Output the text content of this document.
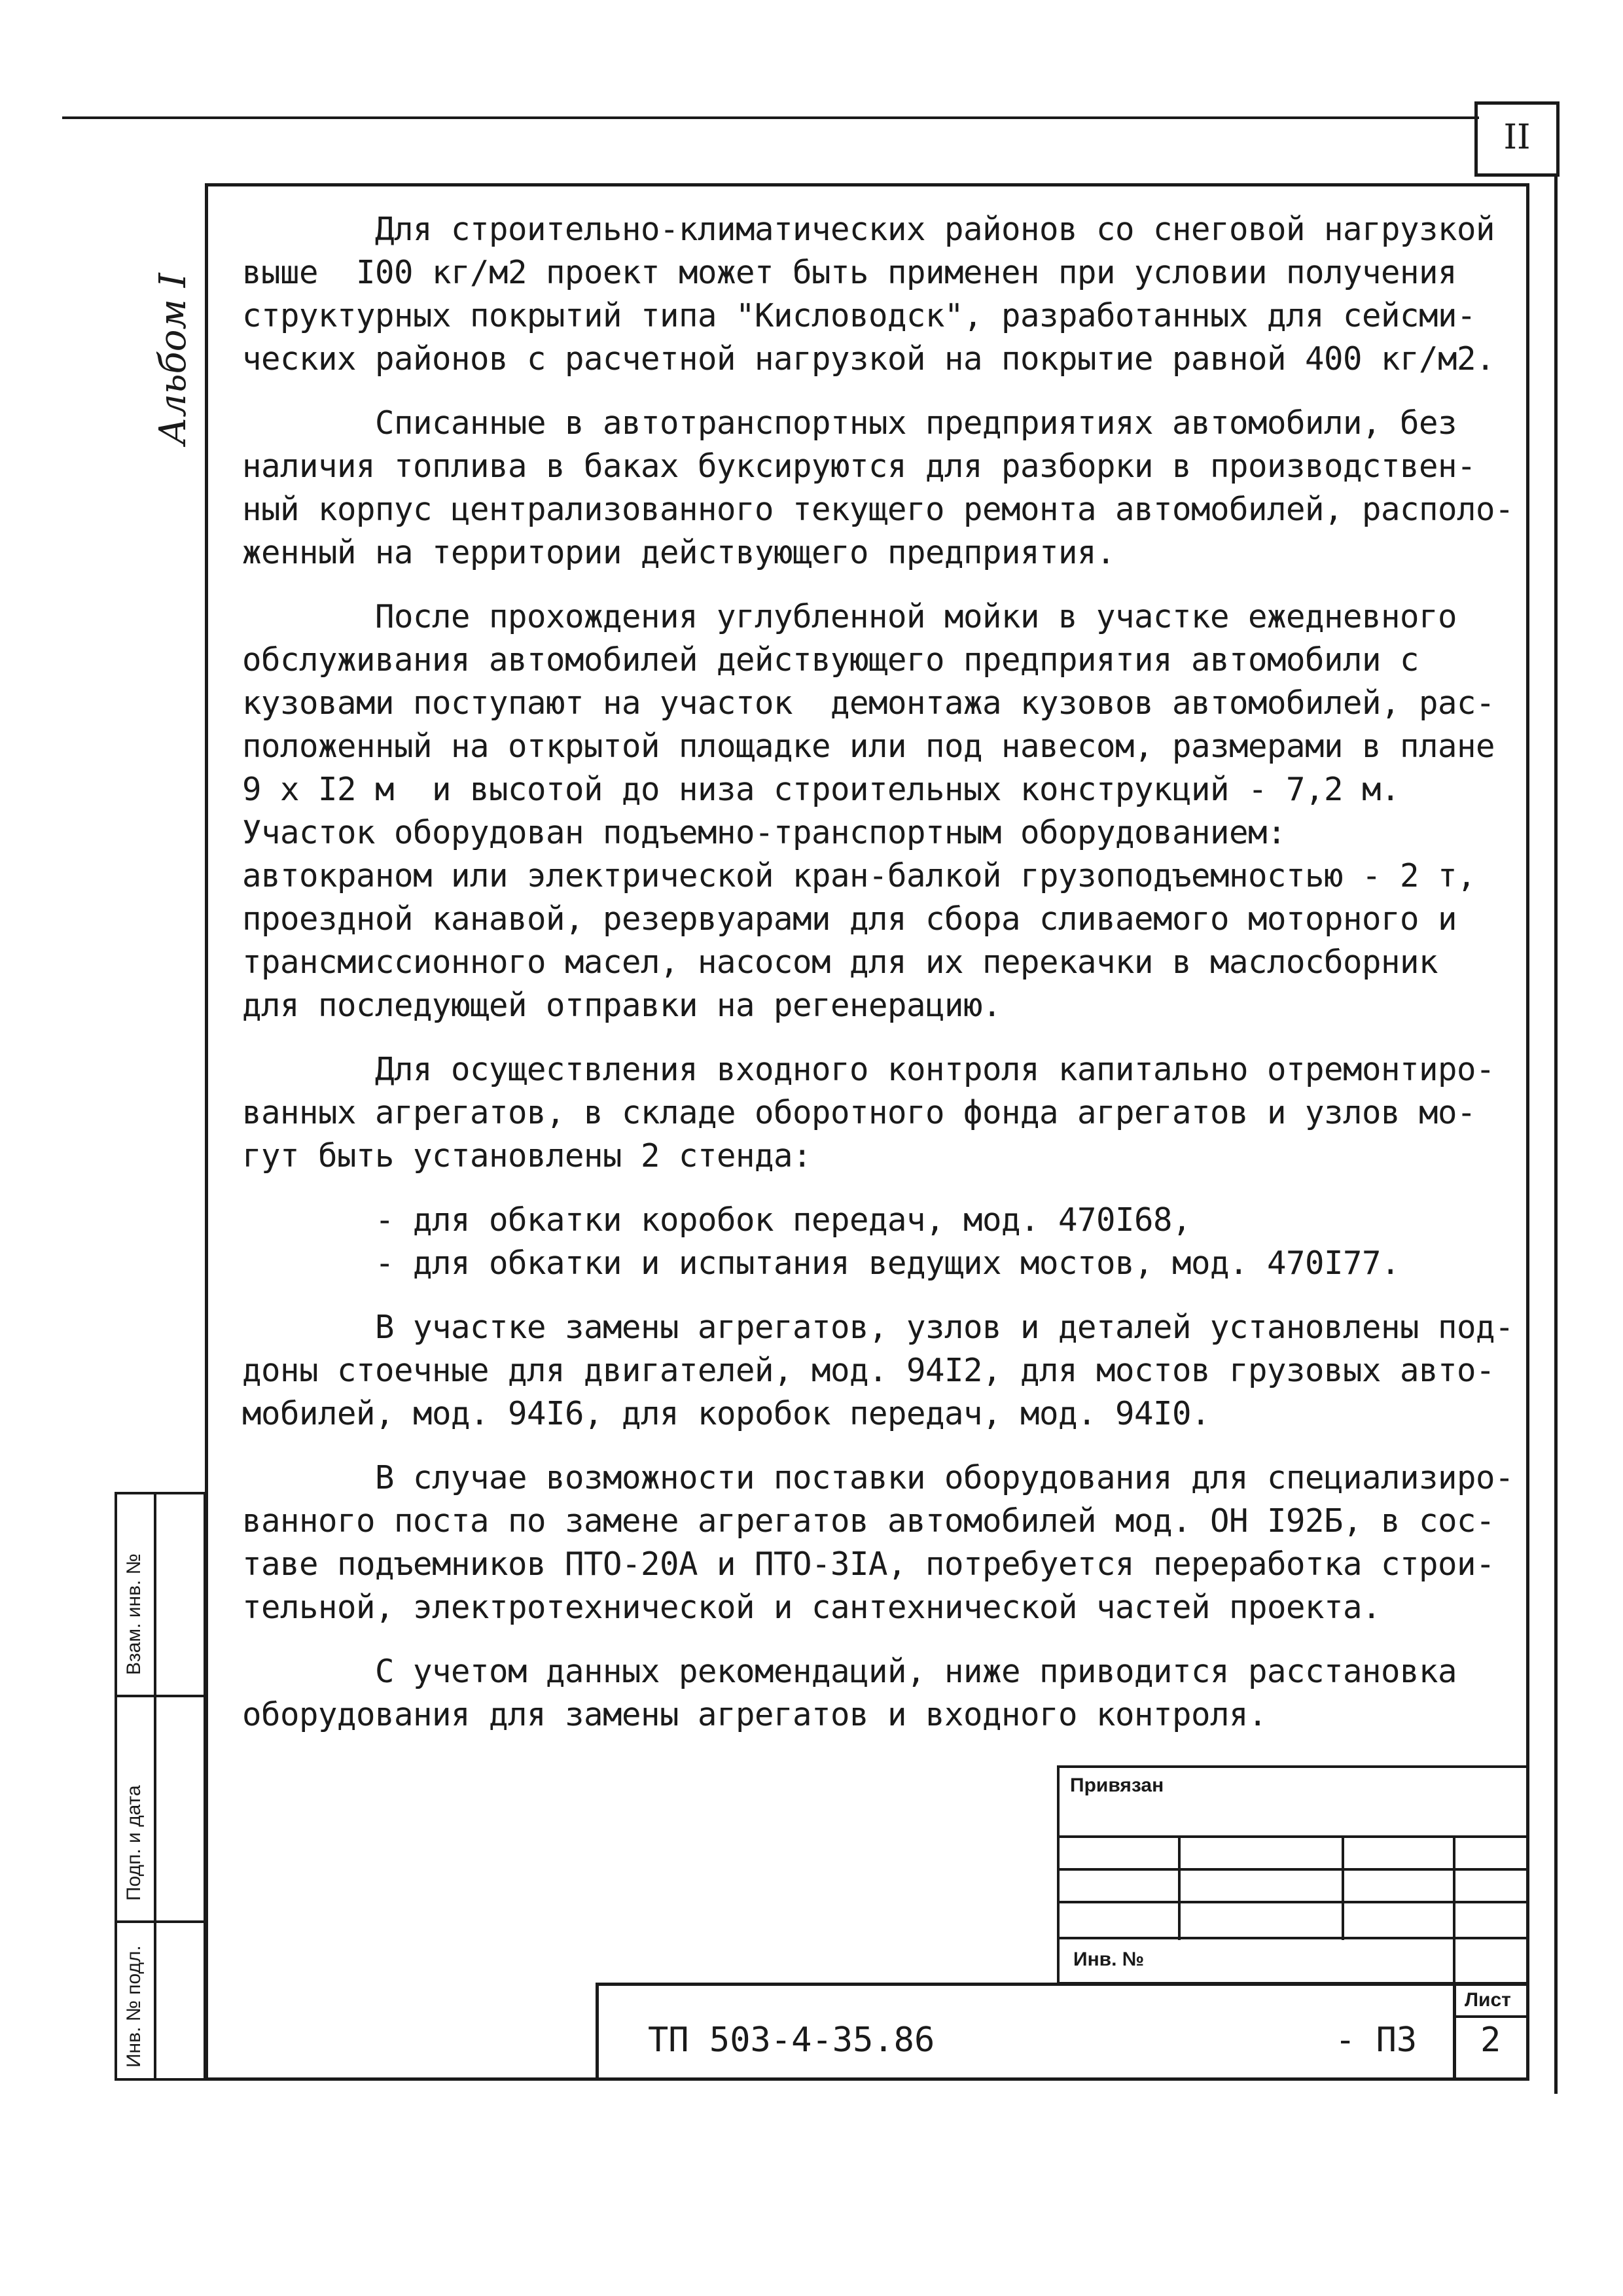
II
Альбом I
Для строительно-климатических районов со снеговой нагрузкой
выше  I00 кг/м2 проект может быть применен при условии получения
структурных покрытий типа "Кисловодск", разработанных для сейсми-
ческих районов с расчетной нагрузкой на покрытие равной 400 кг/м2.
Списанные в автотранспортных предприятиях автомобили, без
наличия топлива в баках буксируются для разборки в производствен-
ный корпус централизованного текущего ремонта автомобилей, располо-
женный на территории действующего предприятия.
После прохождения углубленной мойки в участке ежедневного
обслуживания автомобилей действующего предприятия автомобили с
кузовами поступают на участок  демонтажа кузовов автомобилей, рас-
положенный на открытой площадке или под навесом, размерами в плане
9 х I2 м  и высотой до низа строительных конструкций - 7,2 м.
Участок оборудован подъемно-транспортным оборудованием:
автокраном или электрической кран-балкой грузоподъемностью - 2 т,
проездной канавой, резервуарами для сбора сливаемого моторного и
трансмиссионного масел, насосом для их перекачки в маслосборник
для последующей отправки на регенерацию.
Для осуществления входного контроля капитально отремонтиро-
ванных агрегатов, в складе оборотного фонда агрегатов и узлов мо-
гут быть установлены 2 стенда:
- для обкатки коробок передач, мод. 470I68,
- для обкатки и испытания ведущих мостов, мод. 470I77.
В участке замены агрегатов, узлов и деталей установлены под-
доны стоечные для двигателей, мод. 94I2, для мостов грузовых авто-
мобилей, мод. 94I6, для коробок передач, мод. 94I0.
В случае возможности поставки оборудования для специализиро-
ванного поста по замене агрегатов автомобилей мод. ОН I92Б, в сос-
таве подъемников ПТО-20А и ПТО-3IА, потребуется переработка строи-
тельной, электротехнической и сантехнической частей проекта.
С учетом данных рекомендаций, ниже приводится расстановка
оборудования для замены агрегатов и входного контроля.
Взам. инв. №
Подп. и дата
Инв. № подл.
Привязан
Инв. №
Лист
ТП 503-4-35.86	- ПЗ 2
